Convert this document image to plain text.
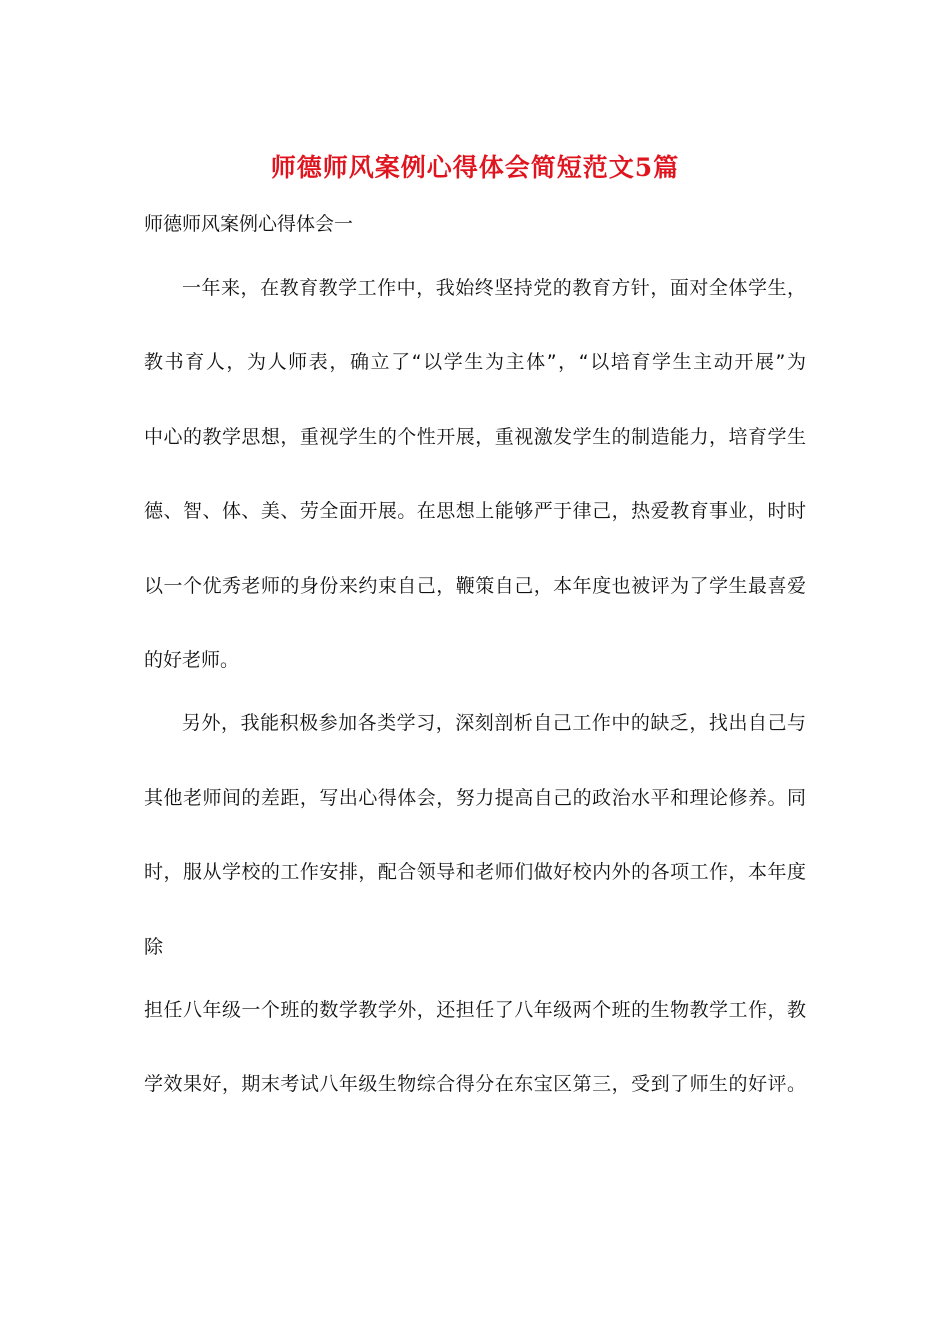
师德师风案例心得体会简短范文5篇
师德师风案例心得体会一
一年来，在教育教学工作中，我始终坚持党的教育方针，面对全体学生，
教书育人，为人师表，确立了“以学生为主体”，“以培育学生主动开展”为
中心的教学思想，重视学生的个性开展，重视激发学生的制造能力，培育学生
德、智、体、美、劳全面开展。在思想上能够严于律己，热爱教育事业，时时
以一个优秀老师的身份来约束自己，鞭策自己，本年度也被评为了学生最喜爱
的好老师。
另外，我能积极参加各类学习，深刻剖析自己工作中的缺乏，找出自己与
其他老师间的差距，写出心得体会，努力提高自己的政治水平和理论修养。同
时，服从学校的工作安排，配合领导和老师们做好校内外的各项工作，本年度
除
担任八年级一个班的数学教学外，还担任了八年级两个班的生物教学工作，教
学效果好，期末考试八年级生物综合得分在东宝区第三，受到了师生的好评。
